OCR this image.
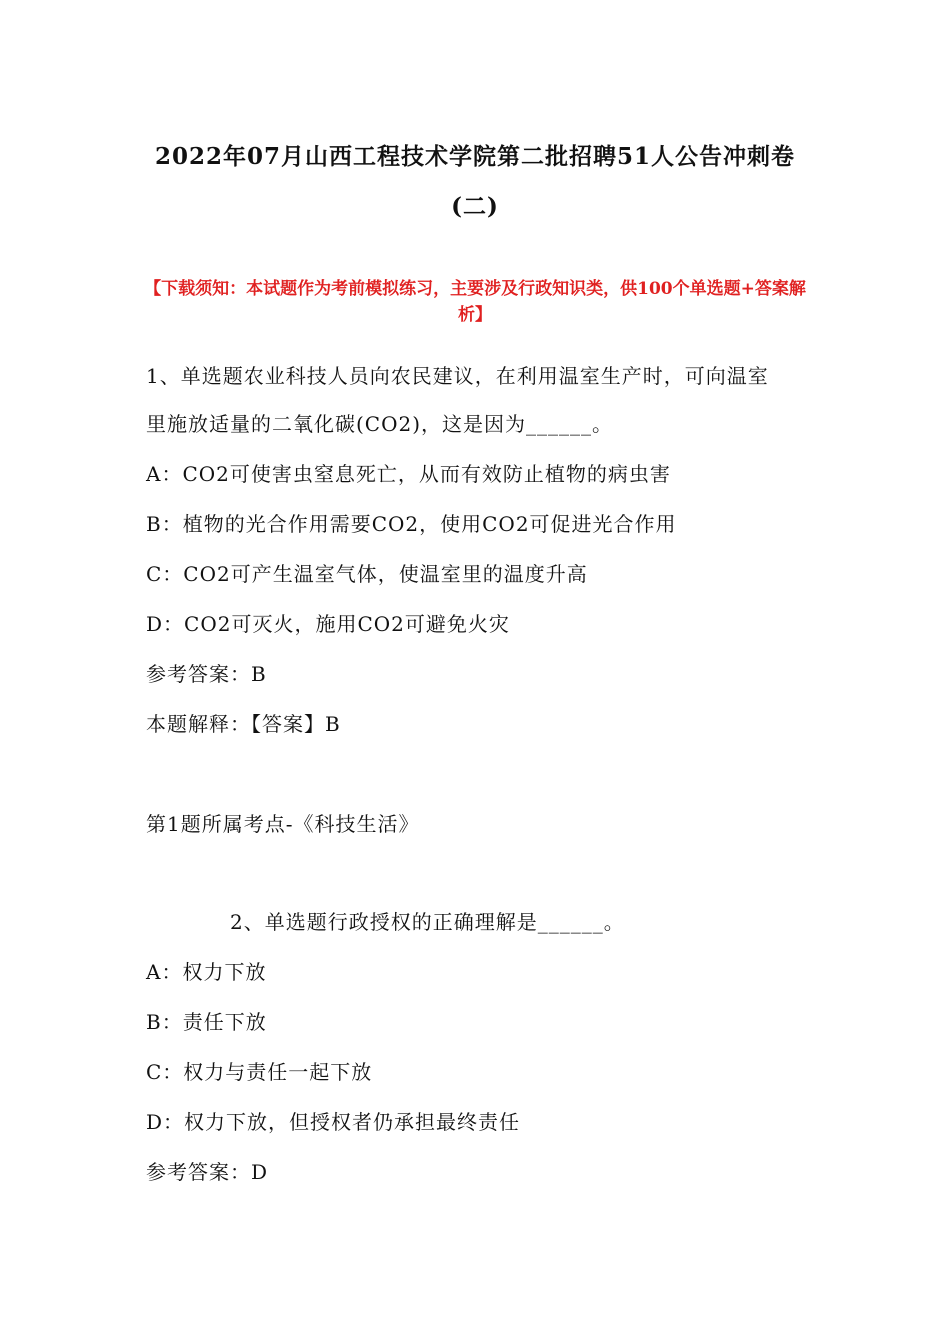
2022年07月山西工程技术学院第二批招聘51人公告冲刺卷
(二)
【下载须知：本试题作为考前模拟练习，主要涉及行政知识类，供100个单选题+答案解析】
1、单选题农业科技人员向农民建议，在利用温室生产时，可向温室
里施放适量的二氧化碳(CO2)，这是因为______。
A：CO2可使害虫窒息死亡，从而有效防止植物的病虫害
B：植物的光合作用需要CO2，使用CO2可促进光合作用
C：CO2可产生温室气体，使温室里的温度升高
D：CO2可灭火，施用CO2可避免火灾
参考答案：B
本题解释：【答案】B
第1题所属考点-《科技生活》
2、单选题行政授权的正确理解是______。
A：权力下放
B：责任下放
C：权力与责任一起下放
D：权力下放，但授权者仍承担最终责任
参考答案：D
